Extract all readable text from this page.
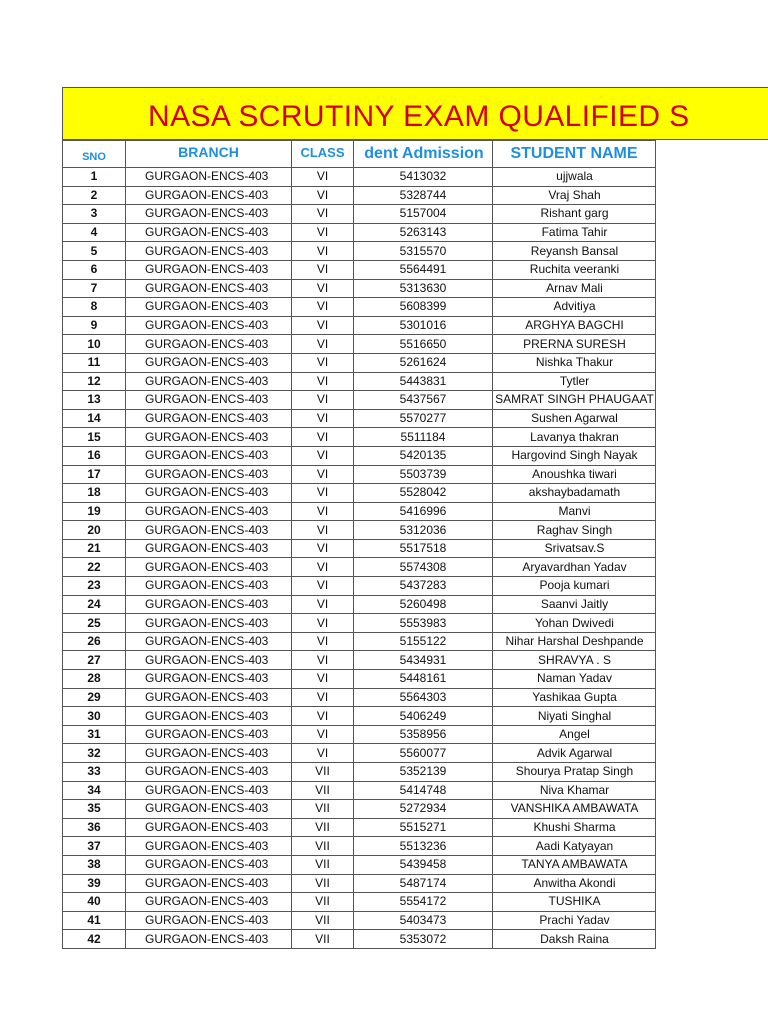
NASA SCRUTINY EXAM QUALIFIED S
SNO	BRANCH	CLASS	dent Admission	STUDENT NAME
1	GURGAON-ENCS-403	VI	5413032	ujjwala

2	GURGAON-ENCS-403	VI	5328744	Vraj Shah

3	GURGAON-ENCS-403	VI	5157004	Rishant garg

4	GURGAON-ENCS-403	VI	5263143	Fatima Tahir

5	GURGAON-ENCS-403	VI	5315570	Reyansh Bansal

6	GURGAON-ENCS-403	VI	5564491	Ruchita veeranki

7	GURGAON-ENCS-403	VI	5313630	Arnav Mali

8	GURGAON-ENCS-403	VI	5608399	Advitiya

9	GURGAON-ENCS-403	VI	5301016	ARGHYA BAGCHI

10	GURGAON-ENCS-403	VI	5516650	PRERNA SURESH

11	GURGAON-ENCS-403	VI	5261624	Nishka Thakur

12	GURGAON-ENCS-403	VI	5443831	Tytler

13	GURGAON-ENCS-403	VI	5437567	SAMRAT SINGH PHAUGAAT

14	GURGAON-ENCS-403	VI	5570277	Sushen Agarwal

15	GURGAON-ENCS-403	VI	5511184	Lavanya thakran

16	GURGAON-ENCS-403	VI	5420135	Hargovind Singh Nayak

17	GURGAON-ENCS-403	VI	5503739	Anoushka tiwari

18	GURGAON-ENCS-403	VI	5528042	akshaybadamath

19	GURGAON-ENCS-403	VI	5416996	Manvi

20	GURGAON-ENCS-403	VI	5312036	Raghav Singh

21	GURGAON-ENCS-403	VI	5517518	Srivatsav.S

22	GURGAON-ENCS-403	VI	5574308	Aryavardhan Yadav

23	GURGAON-ENCS-403	VI	5437283	Pooja kumari

24	GURGAON-ENCS-403	VI	5260498	Saanvi Jaitly

25	GURGAON-ENCS-403	VI	5553983	Yohan Dwivedi

26	GURGAON-ENCS-403	VI	5155122	Nihar Harshal Deshpande

27	GURGAON-ENCS-403	VI	5434931	SHRAVYA . S

28	GURGAON-ENCS-403	VI	5448161	Naman Yadav

29	GURGAON-ENCS-403	VI	5564303	Yashikaa Gupta

30	GURGAON-ENCS-403	VI	5406249	Niyati Singhal

31	GURGAON-ENCS-403	VI	5358956	Angel

32	GURGAON-ENCS-403	VI	5560077	Advik Agarwal

33	GURGAON-ENCS-403	VII	5352139	Shourya Pratap Singh

34	GURGAON-ENCS-403	VII	5414748	Niva Khamar

35	GURGAON-ENCS-403	VII	5272934	VANSHIKA AMBAWATA

36	GURGAON-ENCS-403	VII	5515271	Khushi Sharma

37	GURGAON-ENCS-403	VII	5513236	Aadi Katyayan

38	GURGAON-ENCS-403	VII	5439458	TANYA AMBAWATA

39	GURGAON-ENCS-403	VII	5487174	Anwitha Akondi

40	GURGAON-ENCS-403	VII	5554172	TUSHIKA

41	GURGAON-ENCS-403	VII	5403473	Prachi Yadav

42	GURGAON-ENCS-403	VII	5353072	Daksh Raina
